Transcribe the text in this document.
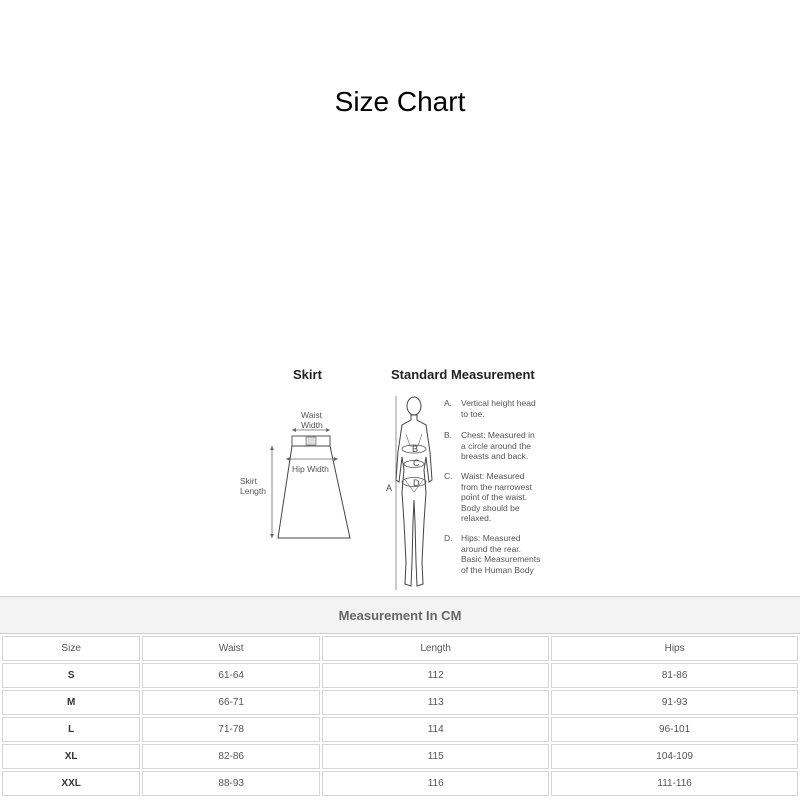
Size Chart
Skirt	Standard Measurement
Waist
Width
Hip Width
Skirt
Length	A
B
C
D
A. Vertical height head
to toe.
B. Chest: Measured in
a circle around the
breasts and back.
C. Waist: Measured
from the narrowest
point of the waist.
Body should be
relaxed.
D. Hips: Measured
around the rear.
Basic Measurements
of the Human Body
Measurement In CM
Size	Waist	Length	Hips
S	61-64	112	81-86
M	66-71	113	91-93
L	71-78	114	96-101
XL	82-86	115	104-109
XXL	88-93	116	111-116
